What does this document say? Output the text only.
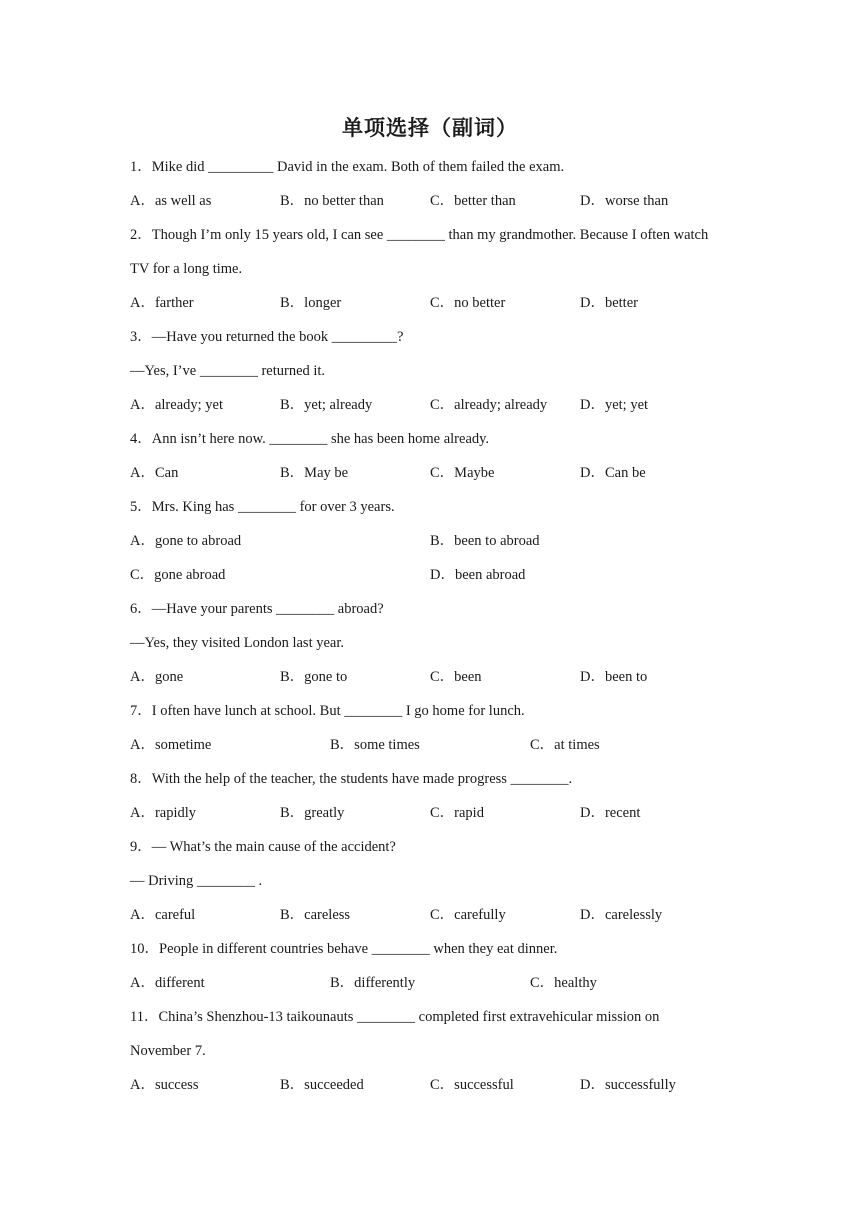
单项选择（副词）
1．Mike did _________ David in the exam. Both of them failed the exam.
A．as well as	B．no better than	C．better than	D．worse than
2．Though I’m only 15 years old, I can see ________ than my grandmother. Because I often watch
TV for a long time.
A．farther	B．longer	C．no better	D．better
3．—Have you returned the book _________?
—Yes, I’ve ________ returned it.
A．already; yet	B．yet; already	C．already; already D．yet; yet
4．Ann isn’t here now. ________ she has been home already.
A．Can	B．May be	C．Maybe	D．Can be
5．Mrs. King has ________ for over 3 years.
A．gone to abroad	B．been to abroad
C．gone abroad	D．been abroad
6．—Have your parents ________ abroad?
—Yes, they visited London last year.
A．gone	B．gone to	C．been	D．been to
7．I often have lunch at school. But ________ I go home for lunch.
A．sometime	B．some times	C．at times
8．With the help of the teacher, the students have made progress ________.
A．rapidly	B．greatly	C．rapid	D．recent
9．— What’s the main cause of the accident?
— Driving ________ .
A．careful	B．careless	C．carefully	D．carelessly
10．People in different countries behave ________ when they eat dinner.
A．different	B．differently	C．healthy
11．China’s Shenzhou-13 taikounauts ________ completed first extravehicular mission on
November 7.
A．success	B．succeeded	C．successful	D．successfully
